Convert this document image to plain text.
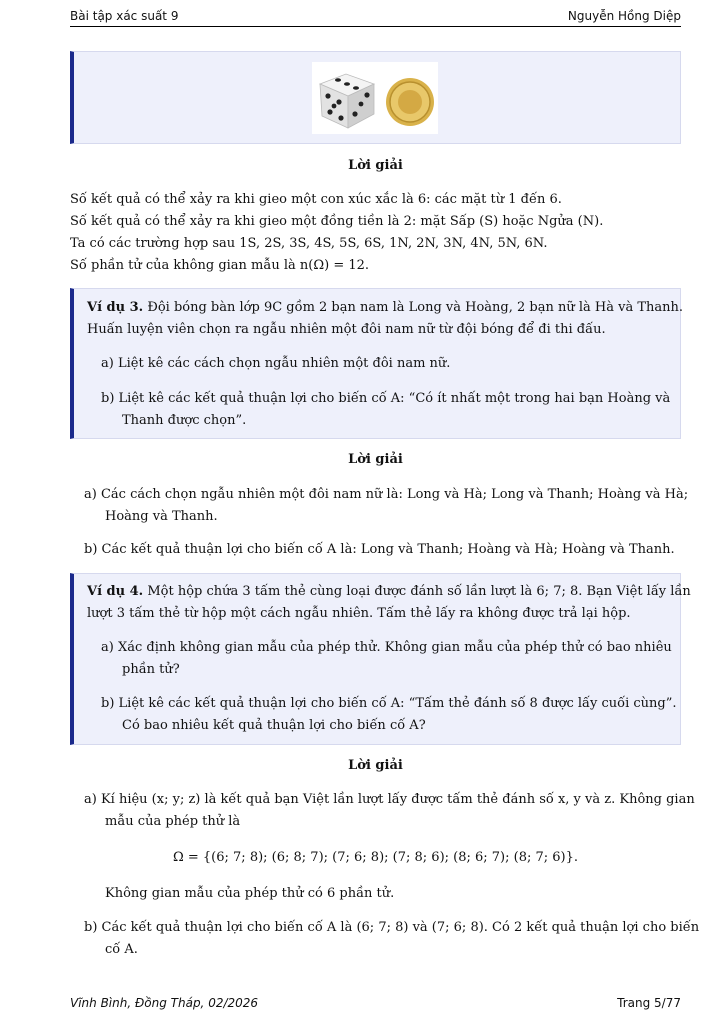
Bài tập xác suất 9	Nguyễn Hồng Diệp
Lời giải
Số kết quả có thể xảy ra khi gieo một con xúc xắc là 6: các mặt từ 1 đến 6.
Số kết quả có thể xảy ra khi gieo một đồng tiền là 2: mặt Sấp (S) hoặc Ngửa (N).
Ta có các trường hợp sau 1S, 2S, 3S, 4S, 5S, 6S, 1N, 2N, 3N, 4N, 5N, 6N.
Số phần tử của không gian mẫu là n(Ω) = 12.
Ví dụ 3. Đội bóng bàn lớp 9C gồm 2 bạn nam là Long và Hoàng, 2 bạn nữ là Hà và Thanh.
Huấn luyện viên chọn ra ngẫu nhiên một đôi nam nữ từ đội bóng để đi thi đấu.
a) Liệt kê các cách chọn ngẫu nhiên một đôi nam nữ.
b) Liệt kê các kết quả thuận lợi cho biến cố A: “Có ít nhất một trong hai bạn Hoàng và
Thanh được chọn”.
Lời giải
a) Các cách chọn ngẫu nhiên một đôi nam nữ là: Long và Hà; Long và Thanh; Hoàng và Hà;
Hoàng và Thanh.
b) Các kết quả thuận lợi cho biến cố A là: Long và Thanh; Hoàng và Hà; Hoàng và Thanh.
Ví dụ 4. Một hộp chứa 3 tấm thẻ cùng loại được đánh số lần lượt là 6; 7; 8. Bạn Việt lấy lần
lượt 3 tấm thẻ từ hộp một cách ngẫu nhiên. Tấm thẻ lấy ra không được trả lại hộp.
a) Xác định không gian mẫu của phép thử. Không gian mẫu của phép thử có bao nhiêu
phần tử?
b) Liệt kê các kết quả thuận lợi cho biến cố A: “Tấm thẻ đánh số 8 được lấy cuối cùng”.
Có bao nhiêu kết quả thuận lợi cho biến cố A?
Lời giải
a) Kí hiệu (x; y; z) là kết quả bạn Việt lần lượt lấy được tấm thẻ đánh số x, y và z. Không gian
mẫu của phép thử là
Ω = {(6; 7; 8); (6; 8; 7); (7; 6; 8); (7; 8; 6); (8; 6; 7); (8; 7; 6)}.
Không gian mẫu của phép thử có 6 phần tử.
b) Các kết quả thuận lợi cho biến cố A là (6; 7; 8) và (7; 6; 8). Có 2 kết quả thuận lợi cho biến
cố A.
Vĩnh Bình, Đồng Tháp, 02/2026	Trang 5/77
